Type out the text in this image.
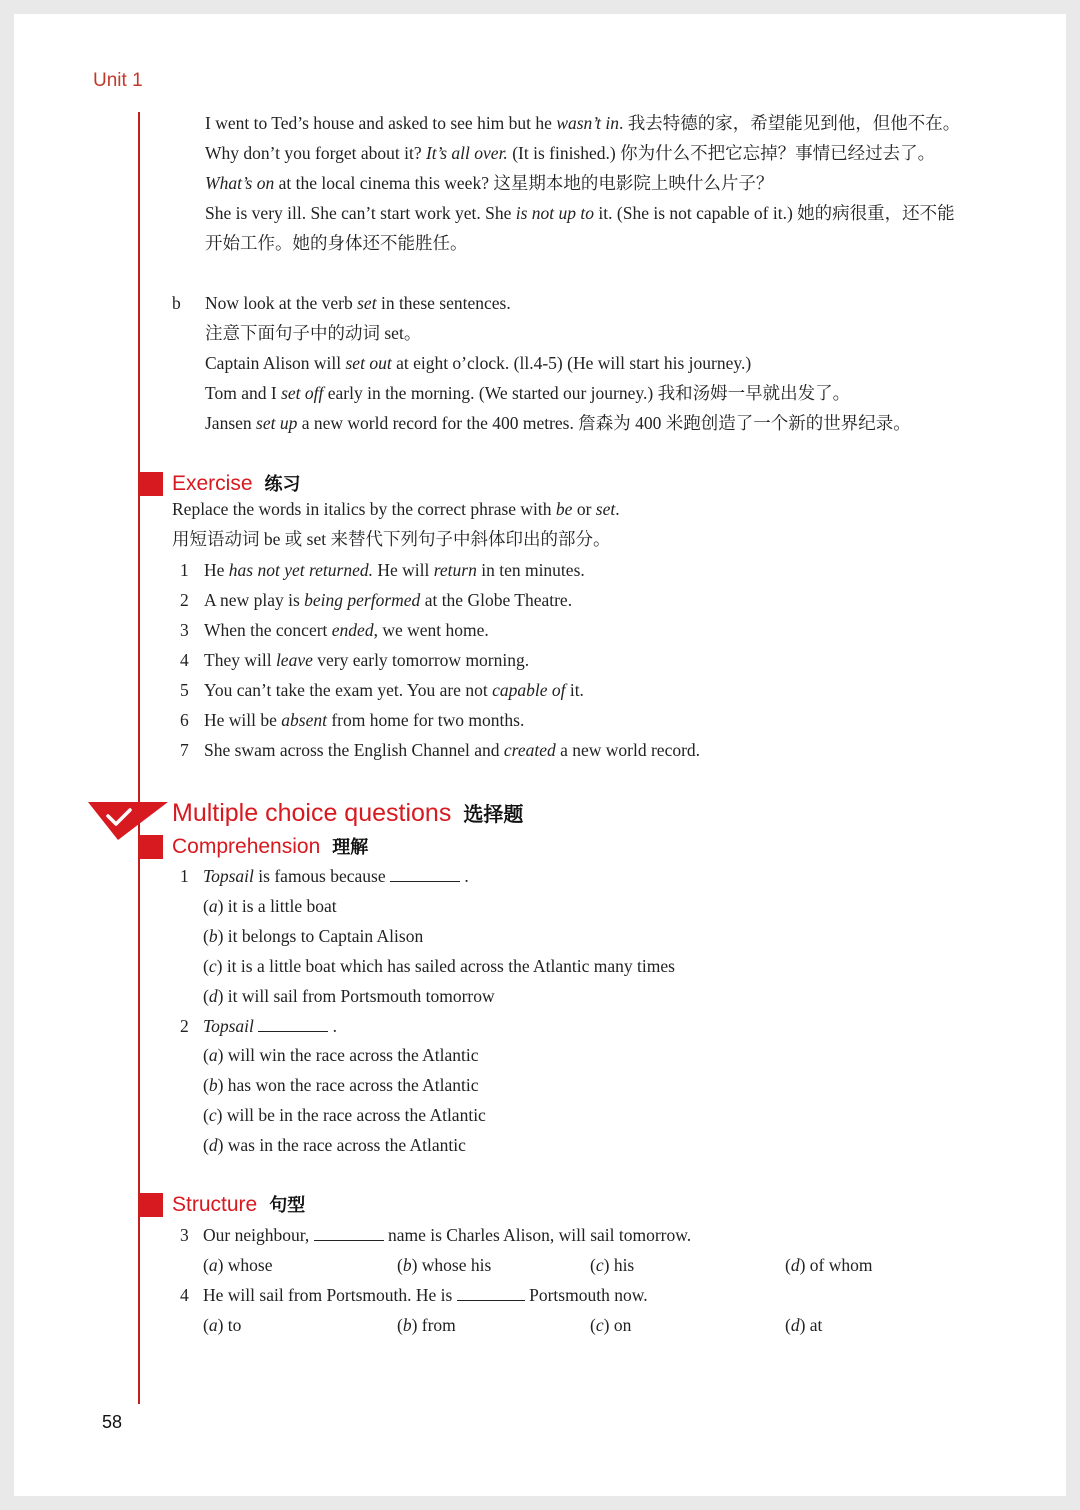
Unit 1
I went to Ted’s house and asked to see him but he wasn’t in. 我去特德的家，希望能见到他，但他不在。
Why don’t you forget about it? It’s all over. (It is finished.) 你为什么不把它忘掉？事情已经过去了。
What’s on at the local cinema this week? 这星期本地的电影院上映什么片子？
She is very ill. She can’t start work yet. She is not up to it. (She is not capable of it.) 她的病很重，还不能
开始工作。她的身体还不能胜任。
b Now look at the verb set in these sentences.
注意下面句子中的动词 set。
Captain Alison will set out at eight o’clock. (ll.4-5) (He will start his journey.)
Tom and I set off early in the morning. (We started our journey.) 我和汤姆一早就出发了。
Jansen set up a new world record for the 400 metres. 詹森为 400 米跑创造了一个新的世界纪录。
Exercise 练习
Replace the words in italics by the correct phrase with be or set.
用短语动词 be 或 set 来替代下列句子中斜体印出的部分。
1 He has not yet returned. He will return in ten minutes.
2 A new play is being performed at the Globe Theatre.
3 When the concert ended, we went home.
4 They will leave very early tomorrow morning.
5 You can’t take the exam yet. You are not capable of it.
6 He will be absent from home for two months.
7 She swam across the English Channel and created a new world record.
Multiple choice questions 选择题
Comprehension 理解
1 Topsail is famous because	.
(a) it is a little boat
(b) it belongs to Captain Alison
(c) it is a little boat which has sailed across the Atlantic many times
(d) it will sail from Portsmouth tomorrow
2 Topsail	.
(a) will win the race across the Atlantic
(b) has won the race across the Atlantic
(c) will be in the race across the Atlantic
(d) was in the race across the Atlantic
Structure 句型
3 Our neighbour,	name is Charles Alison, will sail tomorrow.
(a) whose	(b) whose his	(c) his	(d) of whom
4 He will sail from Portsmouth. He is	Portsmouth now.
(a) to	(b) from	(c) on	(d) at
58
